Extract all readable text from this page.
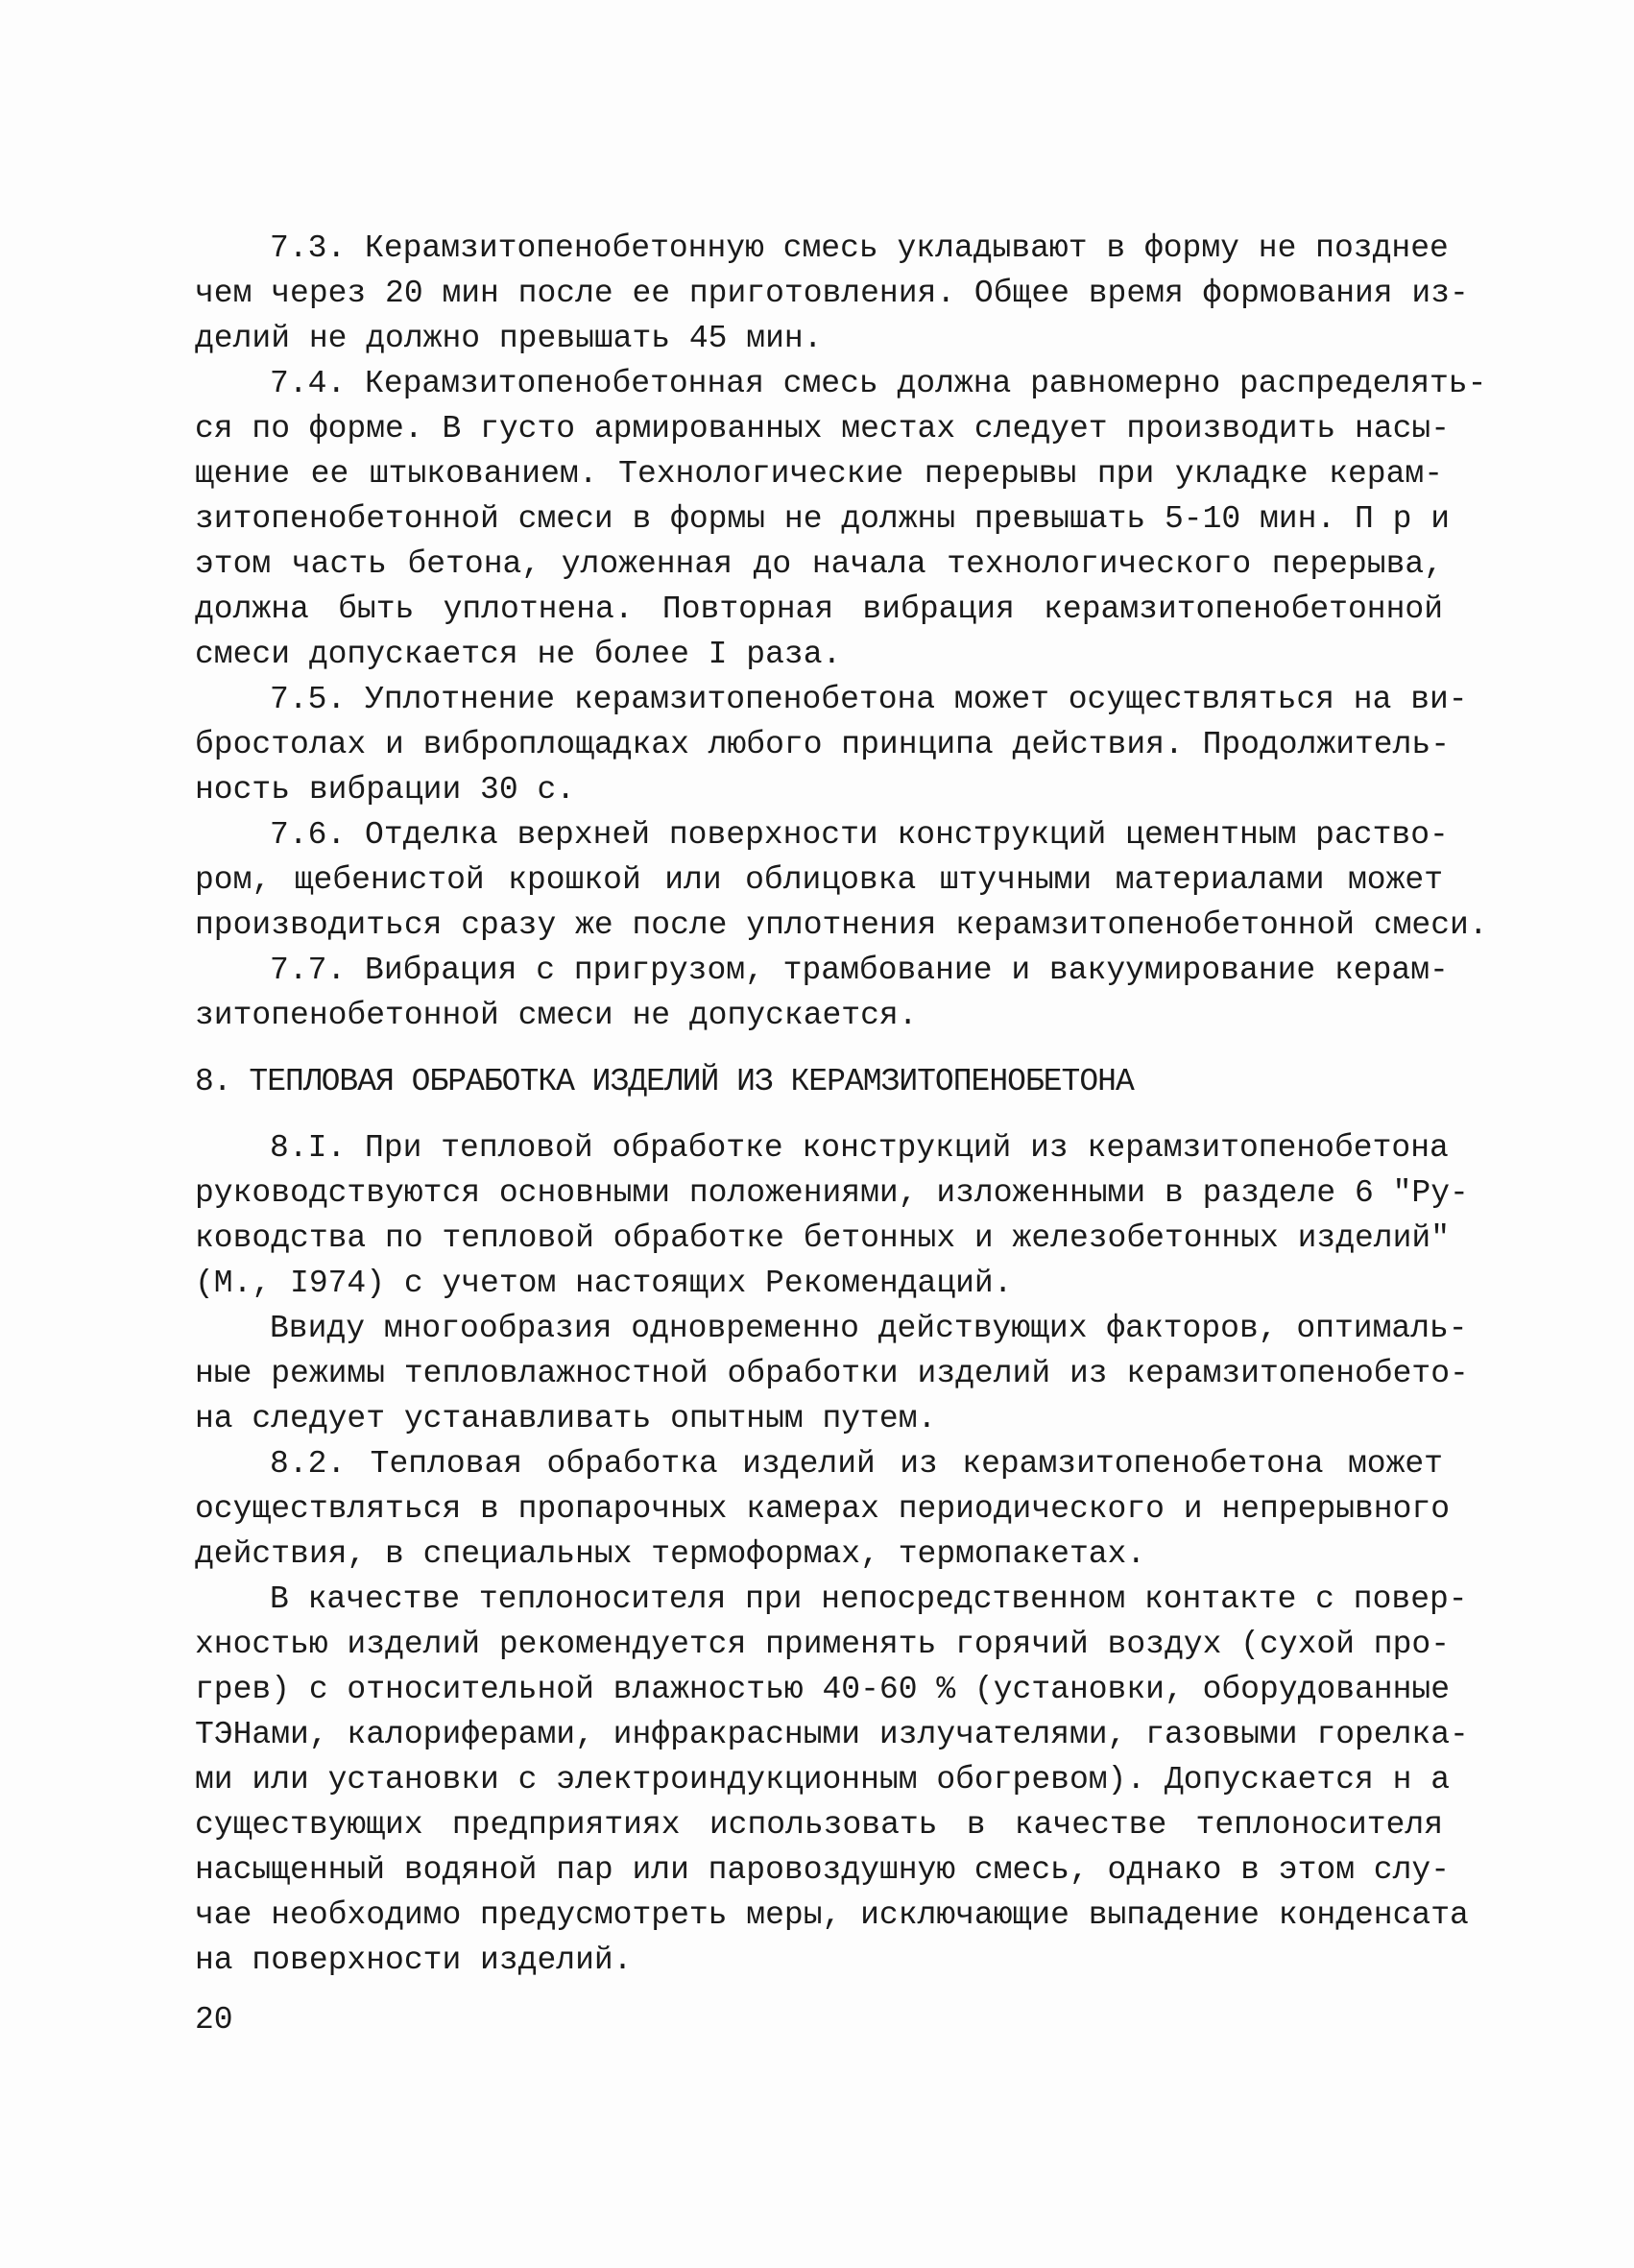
7.3. Керамзитопенобетонную смесь укладывают в форму не позднее
чем через 20 мин после ее приготовления. Общее время формования из-
делий не должно превышать 45 мин.
7.4. Керамзитопенобетонная смесь должна равномерно распределять-
ся по форме. В густо армированных местах следует производить насы-
щение ее штыкованием. Технологические перерывы при укладке керам-
зитопенобетонной смеси в формы не должны превышать 5-10 мин. П р и
этом часть бетона, уложенная до начала технологического перерыва,
должна быть уплотнена. Повторная вибрация керамзитопенобетонной
смеси допускается не более I раза.
7.5. Уплотнение керамзитопенобетона может осуществляться на ви-
бростолах и виброплощадках любого принципа действия. Продолжитель-
ность вибрации 30 с.
7.6. Отделка верхней поверхности конструкций цементным раство-
ром, щебенистой крошкой или облицовка штучными материалами может
производиться сразу же после уплотнения керамзитопенобетонной смеси.
7.7. Вибрация с пригрузом, трамбование и вакуумирование керам-
зитопенобетонной смеси не допускается.
8. ТЕПЛОВАЯ ОБРАБОТКА ИЗДЕЛИЙ ИЗ КЕРАМЗИТОПЕНОБЕТОНА
8.I. При тепловой обработке конструкций из керамзитопенобетона
руководствуются основными положениями, изложенными в разделе 6 "Ру-
ководства по тепловой обработке бетонных и железобетонных изделий"
(М., I974) с учетом настоящих Рекомендаций.
Ввиду многообразия одновременно действующих факторов, оптималь-
ные режимы тепловлажностной обработки изделий из керамзитопенобето-
на следует устанавливать опытным путем.
8.2. Тепловая обработка изделий из керамзитопенобетона может
осуществляться в пропарочных камерах периодического и непрерывного
действия, в специальных термоформах, термопакетах.
В качестве теплоносителя при непосредственном контакте с повер-
хностью изделий рекомендуется применять горячий воздух (сухой про-
грев) с относительной влажностью 40-60 % (установки, оборудованные
ТЭНами, калориферами, инфракрасными излучателями, газовыми горелка-
ми или установки с электроиндукционным обогревом). Допускается н а
существующих предприятиях использовать в качестве теплоносителя
насыщенный водяной пар или паровоздушную смесь, однако в этом слу-
чае необходимо предусмотреть меры, исключающие выпадение конденсата
на поверхности изделий.
20
